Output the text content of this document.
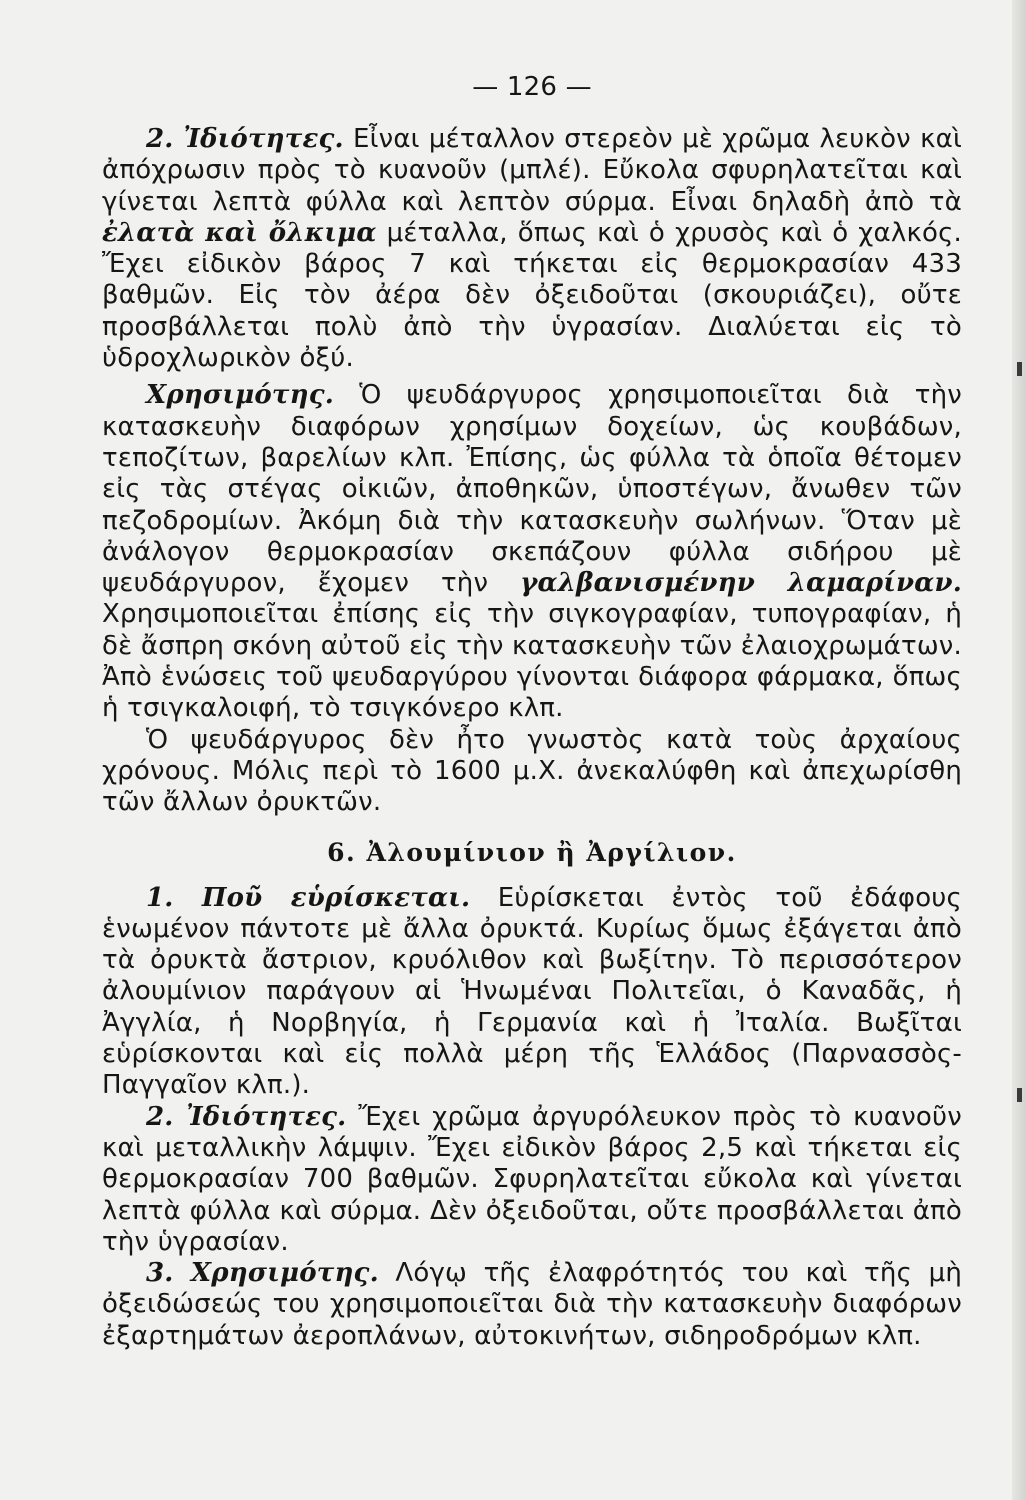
— 126 —

2. Ἰδιότητες. Εἶναι μέταλλον στερεὸν μὲ χρῶμα λευκὸν καὶ ἀπόχρωσιν πρὸς τὸ κυανοῦν (μπλέ). Εὔκολα σφυρηλατεῖται καὶ γίνεται λεπτὰ φύλλα καὶ λεπτὸν σύρμα. Εἶναι δηλαδὴ ἀπὸ τὰ ἐλατὰ καὶ ὄλκιμα μέταλλα, ὅπως καὶ ὁ χρυσὸς καὶ ὁ χαλκός. Ἔχει εἰδικὸν βάρος 7 καὶ τήκεται εἰς θερμοκρασίαν 433 βαθμῶν. Εἰς τὸν ἀέρα δὲν ὀξειδοῦται (σκουριάζει), οὔτε προσβάλλεται πολὺ ἀπὸ τὴν ὑγρασίαν. Διαλύεται εἰς τὸ ὑδροχλωρικὸν ὀξύ.

Χρησιμότης. Ὁ ψευδάργυρος χρησιμοποιεῖται διὰ τὴν κατασκευὴν διαφόρων χρησίμων δοχείων, ὡς κουβάδων, τεποζίτων, βαρελίων κλπ. Ἐπίσης, ὡς φύλλα τὰ ὁποῖα θέτομεν εἰς τὰς στέγας οἰκιῶν, ἀποθηκῶν, ὑποστέγων, ἄνωθεν τῶν πεζοδρομίων. Ἀκόμη διὰ τὴν κατασκευὴν σωλήνων. Ὅταν μὲ ἀνάλογον θερμοκρασίαν σκεπάζουν φύλλα σιδήρου μὲ ψευδάργυρον, ἔχομεν τὴν γαλβανισμένην λαμαρίναν. Χρησιμοποιεῖται ἐπίσης εἰς τὴν σιγκογραφίαν, τυπογραφίαν, ἡ δὲ ἄσπρη σκόνη αὐτοῦ εἰς τὴν κατασκευὴν τῶν ἐλαιοχρωμάτων. Ἀπὸ ἑνώσεις τοῦ ψευδαργύρου γίνονται διάφορα φάρμακα, ὅπως ἡ τσιγκαλοιφή, τὸ τσιγκόνερο κλπ.

Ὁ ψευδάργυρος δὲν ἦτο γνωστὸς κατὰ τοὺς ἀρχαίους χρόνους. Μόλις περὶ τὸ 1600 μ.Χ. ἀνεκαλύφθη καὶ ἀπεχωρίσθη τῶν ἄλλων ὀρυκτῶν.

6. Ἀλουμίνιον ἢ Ἀργίλιον.

1. Ποῦ εὑρίσκεται. Εὑρίσκεται ἐντὸς τοῦ ἐδάφους ἑνωμένον πάντοτε μὲ ἄλλα ὀρυκτά. Κυρίως ὅμως ἐξάγεται ἀπὸ τὰ ὀρυκτὰ ἄστριον, κρυόλιθον καὶ βωξίτην. Τὸ περισσότερον ἀλουμίνιον παράγουν αἱ Ἡνωμέναι Πολιτεῖαι, ὁ Καναδᾶς, ἡ Ἀγγλία, ἡ Νορβηγία, ἡ Γερμανία καὶ ἡ Ἰταλία. Βωξῖται εὑρίσκονται καὶ εἰς πολλὰ μέρη τῆς Ἑλλάδος (Παρνασσὸς-Παγγαῖον κλπ.).

2. Ἰδιότητες. Ἔχει χρῶμα ἀργυρόλευκον πρὸς τὸ κυανοῦν καὶ μεταλλικὴν λάμψιν. Ἔχει εἰδικὸν βάρος 2,5 καὶ τήκεται εἰς θερμοκρασίαν 700 βαθμῶν. Σφυρηλατεῖται εὔκολα καὶ γίνεται λεπτὰ φύλλα καὶ σύρμα. Δὲν ὀξειδοῦται, οὔτε προσβάλλεται ἀπὸ τὴν ὑγρασίαν.

3. Χρησιμότης. Λόγῳ τῆς ἐλαφρότητός του καὶ τῆς μὴ ὀξειδώσεώς του χρησιμοποιεῖται διὰ τὴν κατασκευὴν διαφόρων ἐξαρτημάτων ἀεροπλάνων, αὐτοκινήτων, σιδηροδρόμων κλπ.
